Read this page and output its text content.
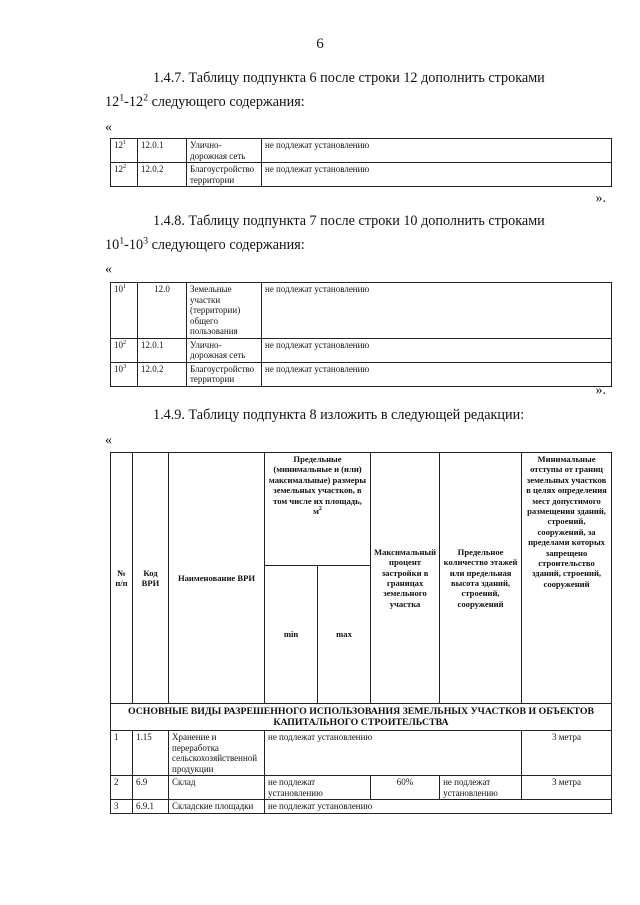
6
1.4.7. Таблицу подпункта 6 после строки 12 дополнить строками
$12^1-12^2$ следующего содержания:
«
$12^1$	12.0.1	Улично-дорожная сеть	не подлежат установлению
$12^2$	12.0.2	Благоустройство территории	не подлежат установлению
».
1.4.8. Таблицу подпункта 7 после строки 10 дополнить строками
$10^1-10^3$ следующего содержания:
«
$10^1$	12.0	Земельные участки (территории) общего пользования	не подлежат установлению
$10^2$	12.0.1	Улично-дорожная сеть	не подлежат установлению
$10^3$	12.0.2	Благоустройство территории	не подлежат установлению
».
1.4.9. Таблицу подпункта 8 изложить в следующей редакции:
«
№ п/п	Код ВРИ	Наименование ВРИ	Предельные (минимальные и (или) максимальные) размеры земельных участков, в том числе их площадь, $м^2$		Максимальный процент застройки в границах земельного участка	Предельное количество этажей или предельная высота зданий, строений, сооружений	Минимальные отступы от границ земельных участков в целях определения мест допустимого размещения зданий, строений, сооружений, за пределами которых запрещено строительство зданий, строений, сооружений
			min	max			
ОСНОВНЫЕ ВИДЫ РАЗРЕШЕННОГО ИСПОЛЬЗОВАНИЯ ЗЕМЕЛЬНЫХ УЧАСТКОВ И ОБЪЕКТОВ КАПИТАЛЬНОГО СТРОИТЕЛЬСТВА							
1	1.15	Хранение и переработка сельскохозяйственной продукции	не подлежат установлению				3 метра
2	6.9	Склад	не подлежат установлению		60%	не подлежат установлению	3 метра
3	6.9.1	Складские площадки	не подлежат установлению				
